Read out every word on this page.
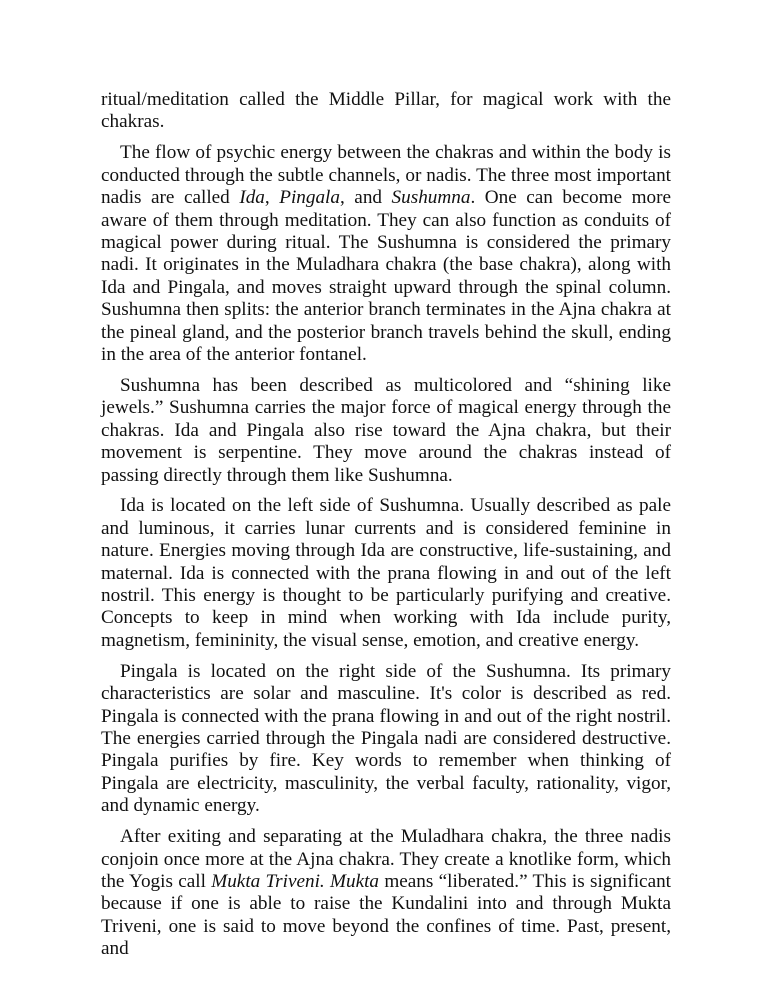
ritual/meditation called the Middle Pillar, for magical work with the chakras.

The flow of psychic energy between the chakras and within the body is conducted through the subtle channels, or nadis. The three most important nadis are called Ida, Pingala, and Sushumna. One can become more aware of them through meditation. They can also function as conduits of magical power during ritual. The Sushumna is considered the primary nadi. It originates in the Muladhara chakra (the base chakra), along with Ida and Pingala, and moves straight upward through the spinal column. Sushumna then splits: the anterior branch terminates in the Ajna chakra at the pineal gland, and the posterior branch travels behind the skull, ending in the area of the anterior fontanel.

Sushumna has been described as multicolored and “shining like jewels.” Sushumna carries the major force of magical energy through the chakras. Ida and Pingala also rise toward the Ajna chakra, but their movement is serpentine. They move around the chakras instead of passing directly through them like Sushumna.

Ida is located on the left side of Sushumna. Usually described as pale and luminous, it carries lunar currents and is considered feminine in nature. Energies moving through Ida are constructive, life-sustaining, and maternal. Ida is connected with the prana flowing in and out of the left nostril. This energy is thought to be particularly purifying and creative. Concepts to keep in mind when working with Ida include purity, magnetism, femininity, the visual sense, emotion, and creative energy.

Pingala is located on the right side of the Sushumna. Its primary characteristics are solar and masculine. It's color is described as red. Pingala is connected with the prana flowing in and out of the right nostril. The energies carried through the Pingala nadi are considered destructive. Pingala purifies by fire. Key words to remember when thinking of Pingala are electricity, masculinity, the verbal faculty, rationality, vigor, and dynamic energy.

After exiting and separating at the Muladhara chakra, the three nadis conjoin once more at the Ajna chakra. They create a knotlike form, which the Yogis call Mukta Triveni. Mukta means “liberated.” This is significant because if one is able to raise the Kundalini into and through Mukta Triveni, one is said to move beyond the confines of time. Past, present, and
